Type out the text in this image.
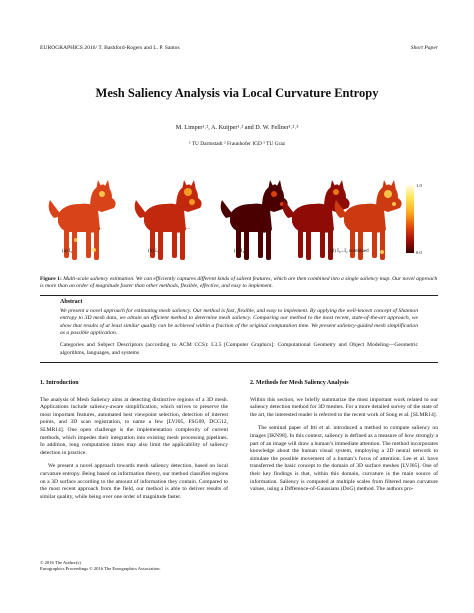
EUROGRAPHICS 2016/ T. Bashford-Rogers and L. P. Santos	Short Paper
Mesh Saliency Analysis via Local Curvature Entropy
M. Limper¹˒², A. Kuijper¹˒² and D. W. Fellner¹˒²˒³
¹ TU Darmstadt ² Fraunhofer IGD ³ TU Graz
(a) I₀
...
(b) I₇
...
(c) I₄	(d) I₀...I₄ combined
1.0
0.0
Figure 1: Multi-scale saliency estimation. We can efficiently captures different kinds of salient features, which are then combined into a single saliency map. Our novel approach is more than an order of magnitude faster than other methods, flexible, effective, and easy to implement.
Abstract
We present a novel approach for estimating mesh saliency. Our method is fast, flexible, and easy to implement. By applying the well-known concept of Shannon entropy to 3D mesh data, we obtain an efficient method to determine mesh saliency. Comparing our method to the most recent, state-of-the-art approach, we show that results of at least similar quality can be achieved within a fraction of the original computation time. We present saliency-guided mesh simplification as a possible application.
Categories and Subject Descriptors (according to ACM CCS): I.3.5 [Computer Graphics]: Computational Geometry and Object Modeling—Geometric algorithms, languages, and systems
1. Introduction

The analysis of Mesh Saliency aims at detecting distinctive regions of a 3D mesh. Applications include saliency-aware simplification, which strives to preserve the most important features, automated best viewpoint selection, detection of interest points, and 3D scan registration, to name a few [LVJ05, FSG09, DCG12, SLMR14]. One open challenge is the implementation complexity of current methods, which impedes their integration into existing mesh processing pipelines. In addition, long computation times may also limit the applicability of saliency detection in practice.

We present a novel approach towards mesh saliency detection, based on local curvature entropy. Being based on information theory, our method classifies regions on a 3D surface according to the amount of information they contain. Compared to the most recent approach from the field, our method is able to deliver results of similar quality, while being over one order of magnitude faster.

© 2016 The Author(s)
Eurographics Proceedings © 2016 The Eurographics Association.
2. Methods for Mesh Saliency Analysis

Within this section, we briefly summarize the most important work related to our saliency detection method for 3D meshes. For a more detailed survey of the state of the art, the interested reader is referred to the recent work of Song et al. [SLMR14].

The seminal paper of Itti et al. introduced a method to compute saliency on images [IKN98]. In this context, saliency is defined as a measure of how strongly a part of an image will draw a human’s immediate attention. The method incorporates knowledge about the human visual system, employing a 2D neural network to simulate the possible movement of a human’s focus of attention. Lee et al. have transferred the basic concept to the domain of 3D surface meshes [LVJ05]. One of their key findings is that, within this domain, curvature is the main source of information. Saliency is computed at multiple scales from filtered mean curvature values, using a Difference-of-Gaussians (DoG) method. The authors pro-
